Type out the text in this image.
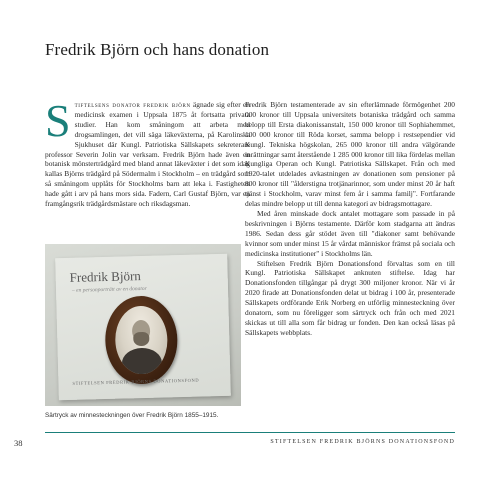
Fredrik Björn och hans donation

Stiftelsens donator fredrik björn ägnade sig efter en medicinsk examen i Uppsala 1875 åt fortsatta privata studier. Han kom småningom att arbeta med drogsamlingen, det vill säga läkeväxterna, på Karolinska Sjukhuset där Kungl. Patriotiska Sällskapets sekreterare professor Severin Jolin var verksam. Fredrik Björn hade även en botanisk mönsterträdgård med bland annat läkeväxter i det som idag kallas Björns trädgård på Södermalm i Stockholm – en trädgård som så småningom upplåts för Stockholms barn att leka i. Fastigheten hade gått i arv på hans mors sida. Fadern, Carl Gustaf Björn, var en framgångsrik trädgårdsmästare och riksdagsman.

Fredrik Björn testamenterade av sin efterlämnade förmögenhet 200 000 kronor till Uppsala universitets botaniska trädgård och samma belopp till Ersta diakonissanstalt, 150 000 kronor till Sophiahemmet, 100 000 kronor till Röda korset, samma belopp i restsependier vid Kungl. Tekniska högskolan, 265 000 kronor till andra välgörande inrättningar samt återstående 1 285 000 kronor till lika fördelas mellan Kungliga Operan och Kungl. Patriotiska Sällskapet. Från och med 1920-talet utdelades avkastningen av donationen som pensioner på 800 kronor till "ålderstigna trotjänarinnor, som under minst 20 år haft tjänst i Stockholm, varav minst fem år i samma familj". Fortfarande delas mindre belopp ut till denna kategori av bidragsmottagare.

Med åren minskade dock antalet mottagare som passade in på beskrivningen i Björns testamente. Därför kom stadgarna att ändras 1986. Sedan dess går stödet även till "diakoner samt behövande kvinnor som under minst 15 år vårdat människor främst på sociala och medicinska institutioner" i Stockholms län.

Stiftelsen Fredrik Björn Donationsfond förvaltas som en till Kungl. Patriotiska Sällskapet anknuten stiftelse. Idag har Donationsfonden tillgångar på drygt 300 miljoner kronor. När vi år 2020 firade att Donationsfonden delat ut bidrag i 100 år, presenterade Sällskapets ordförande Erik Norberg en utförlig minnesteckning över donatorn, som nu föreligger som särtryck och från och med 2021 skickas ut till alla som får bidrag ur fonden. Den kan också läsas på Sällskapets webbplats.

Fredrik Björn
– en personporträtt av en donator
STIFTELSEN FREDRIK BJÖRNS DONATIONSFOND
Särtryck av minnesteckningen över Fredrik Björn 1855–1915.
38	STIFTELSEN FREDRIK BJÖRNS DONATIONSFOND
